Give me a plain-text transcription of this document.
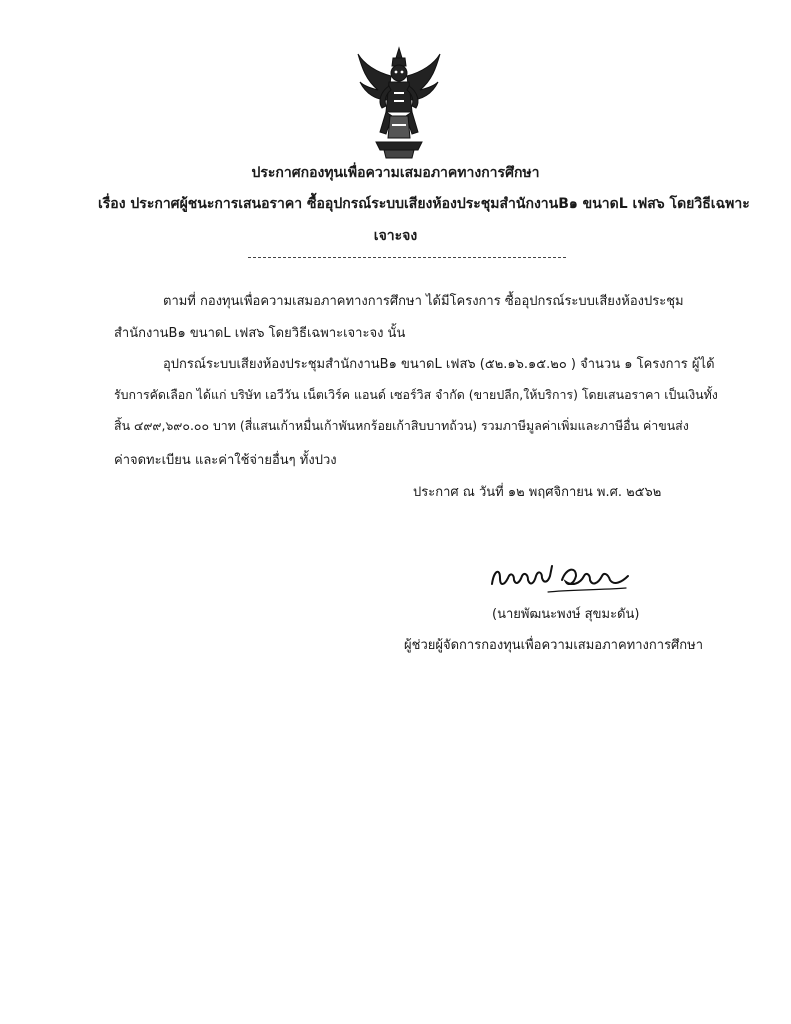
ประกาศกองทุนเพื่อความเสมอภาคทางการศึกษา
เรื่อง ประกาศผู้ชนะการเสนอราคา ซื้ออุปกรณ์ระบบเสียงห้องประชุมสำนักงานB๑ ขนาดL เฟส๖ โดยวิธีเฉพาะ
เจาะจง
ตามที่ กองทุนเพื่อความเสมอภาคทางการศึกษา ได้มีโครงการ ซื้ออุปกรณ์ระบบเสียงห้องประชุม
สำนักงานB๑ ขนาดL เฟส๖ โดยวิธีเฉพาะเจาะจง นั้น
อุปกรณ์ระบบเสียงห้องประชุมสำนักงานB๑ ขนาดL เฟส๖ (๕๒.๑๖.๑๕.๒๐ ) จำนวน ๑ โครงการ ผู้ได้
รับการคัดเลือก ได้แก่ บริษัท เอวีวัน เน็ตเวิร์ค แอนด์ เซอร์วิส จำกัด (ขายปลีก,ให้บริการ) โดยเสนอราคา เป็นเงินทั้ง
สิ้น ๔๙๙,๖๙๐.๐๐ บาท (สี่แสนเก้าหมื่นเก้าพันหกร้อยเก้าสิบบาทถ้วน) รวมภาษีมูลค่าเพิ่มและภาษีอื่น ค่าขนส่ง
ค่าจดทะเบียน และค่าใช้จ่ายอื่นๆ ทั้งปวง
ประกาศ ณ วันที่ ๑๒ พฤศจิกายน พ.ศ. ๒๕๖๒
(นายพัฒนะพงษ์ สุขมะดัน)
ผู้ช่วยผู้จัดการกองทุนเพื่อความเสมอภาคทางการศึกษา
